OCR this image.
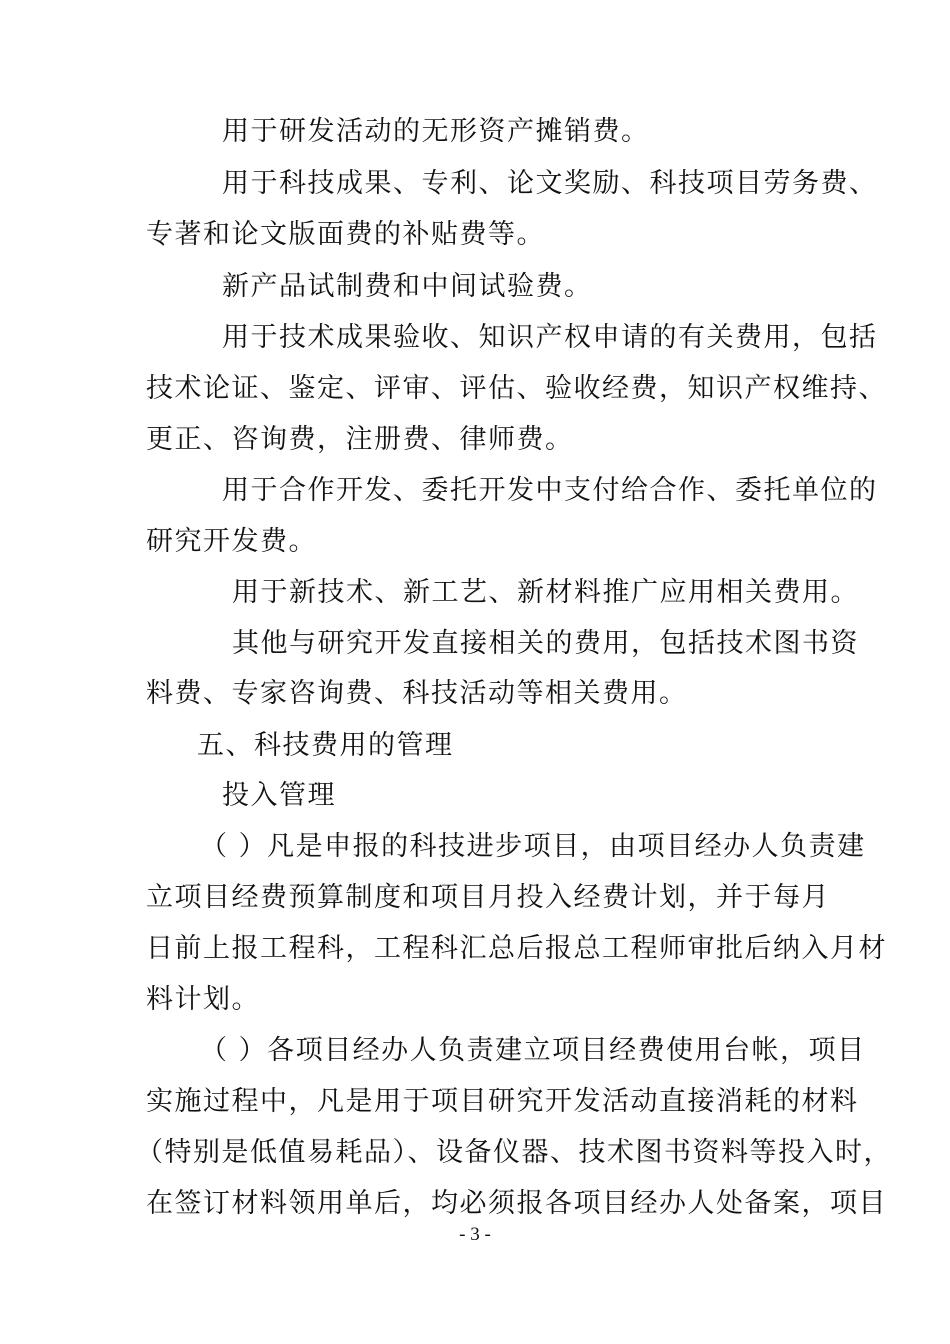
用于研发活动的无形资产摊销费。
用于科技成果、专利、论文奖励、科技项目劳务费、
专著和论文版面费的补贴费等。
新产品试制费和中间试验费。
用于技术成果验收、知识产权申请的有关费用，包括
技术论证、鉴定、评审、评估、验收经费，知识产权维持、
更正、咨询费，注册费、律师费。
用于合作开发、委托开发中支付给合作、委托单位的
研究开发费。
用于新技术、新工艺、新材料推广应用相关费用。
其他与研究开发直接相关的费用，包括技术图书资
料费、专家咨询费、科技活动等相关费用。
五、科技费用的管理
投入管理
（ ）凡是申报的科技进步项目，由项目经办人负责建
立项目经费预算制度和项目月投入经费计划，并于每月
日前上报工程科，工程科汇总后报总工程师审批后纳入月材
料计划。
（ ）各项目经办人负责建立项目经费使用台帐，项目
实施过程中，凡是用于项目研究开发活动直接消耗的材料
（特别是低值易耗品）、设备仪器、技术图书资料等投入时，
在签订材料领用单后，均必须报各项目经办人处备案，项目
- 3 -
